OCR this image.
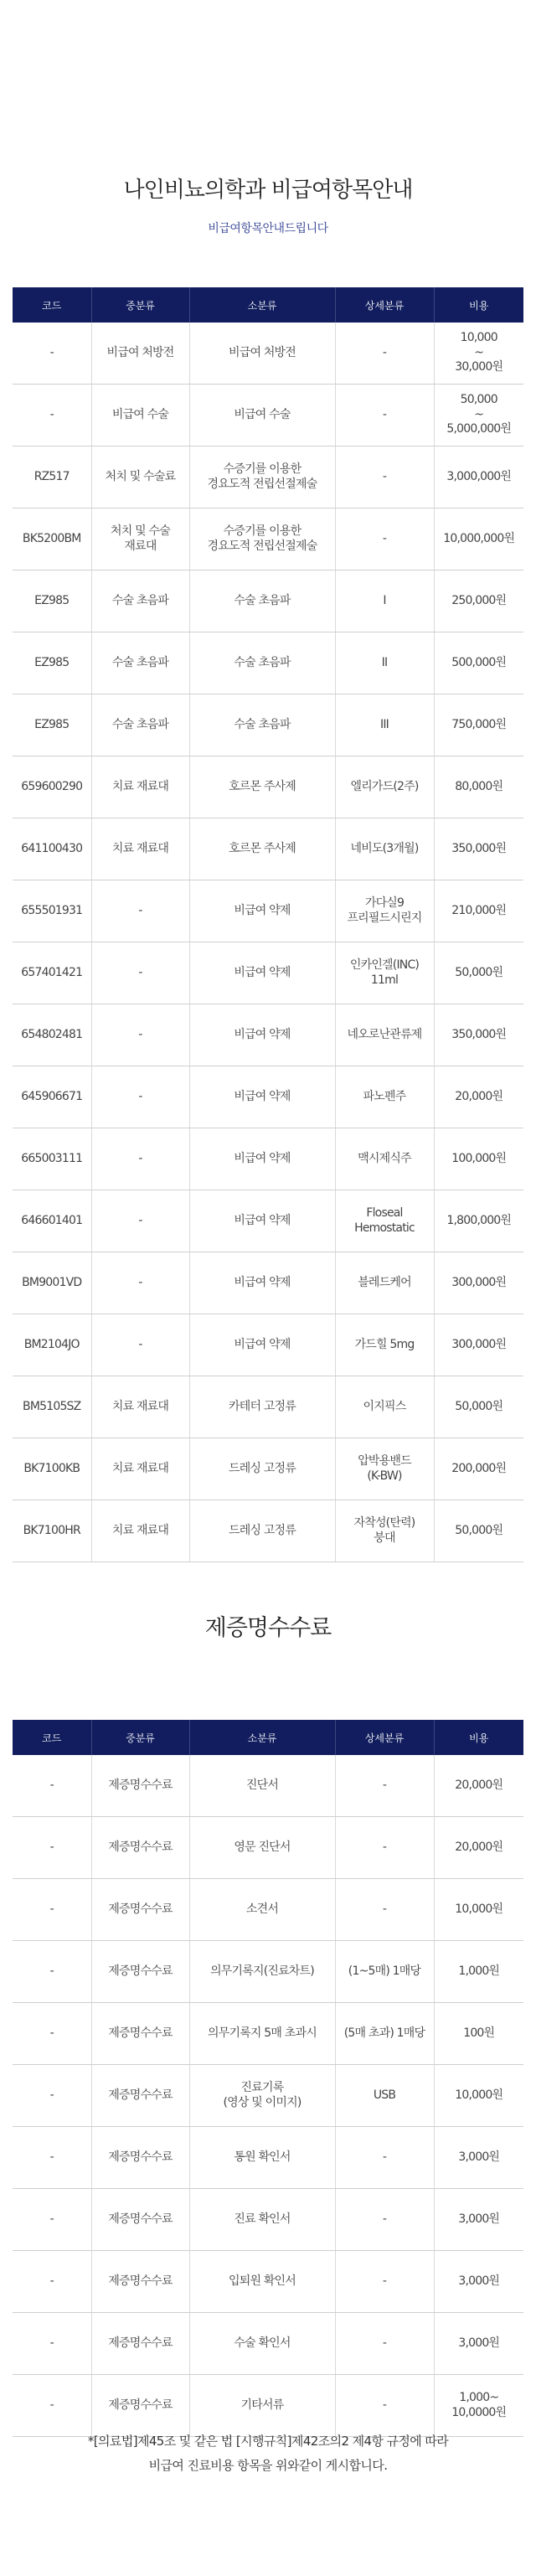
나인비뇨의학과 비급여항목안내
비급여항목안내드립니다
코드	중분류	소분류	상세분류	비용
-	비급여 처방전	비급여 처방전	-	10,000
~
30,000원
-	비급여 수술	비급여 수술	-	50,000
~
5,000,000원
RZ517	처치 및 수술료	수증기를 이용한
경요도적 전립선절제술	-	3,000,000원
BK5200BM	처치 및 수술
재료대	수증기를 이용한
경요도적 전립선절제술	-	10,000,000원
EZ985	수술 초음파	수술 초음파	I	250,000원
EZ985	수술 초음파	수술 초음파	II	500,000원
EZ985	수술 초음파	수술 초음파	III	750,000원
659600290	치료 재료대	호르몬 주사제	엘리가드(2주)	80,000원
641100430	치료 재료대	호르몬 주사제	네비도(3개월)	350,000원
655501931	-	비급여 약제	가다실9
프리필드시린지	210,000원
657401421	-	비급여 약제	인카인겔(INC)
11ml	50,000원
654802481	-	비급여 약제	네오로난관류제	350,000원
645906671	-	비급여 약제	파노펜주	20,000원
665003111	-	비급여 약제	맥시제식주	100,000원
646601401	-	비급여 약제	Floseal
Hemostatic	1,800,000원
BM9001VD	-	비급여 약제	블레드케어	300,000원
BM2104JO	-	비급여 약제	가드힐 5mg	300,000원
BM5105SZ	치료 재료대	카테터 고정류	이지픽스	50,000원
BK7100KB	치료 재료대	드레싱 고정류	압박용밴드
(K-BW)	200,000원
BK7100HR	치료 재료대	드레싱 고정류	자착성(탄력)
붕대	50,000원
제증명수수료
코드	중분류	소분류	상세분류	비용
-	제증명수수료	진단서	-	20,000원
-	제증명수수료	영문 진단서	-	20,000원
-	제증명수수료	소견서	-	10,000원
-	제증명수수료	의무기록지(진료차트)	(1~5매) 1매당	1,000원
-	제증명수수료	의무기록지 5매 초과시	(5매 초과) 1매당	100원
-	제증명수수료	진료기록
(영상 및 이미지)	USB	10,000원
-	제증명수수료	통원 확인서	-	3,000원
-	제증명수수료	진료 확인서	-	3,000원
-	제증명수수료	입퇴원 확인서	-	3,000원
-	제증명수수료	수술 확인서	-	3,000원
-	제증명수수료	기타서류	-	1,000~
10,0000원
*[의료법]제45조 및 같은 법 [시행규칙]제42조의2 제4항 규정에 따라
비급여 진료비용 항목을 위와같이 게시합니다.
